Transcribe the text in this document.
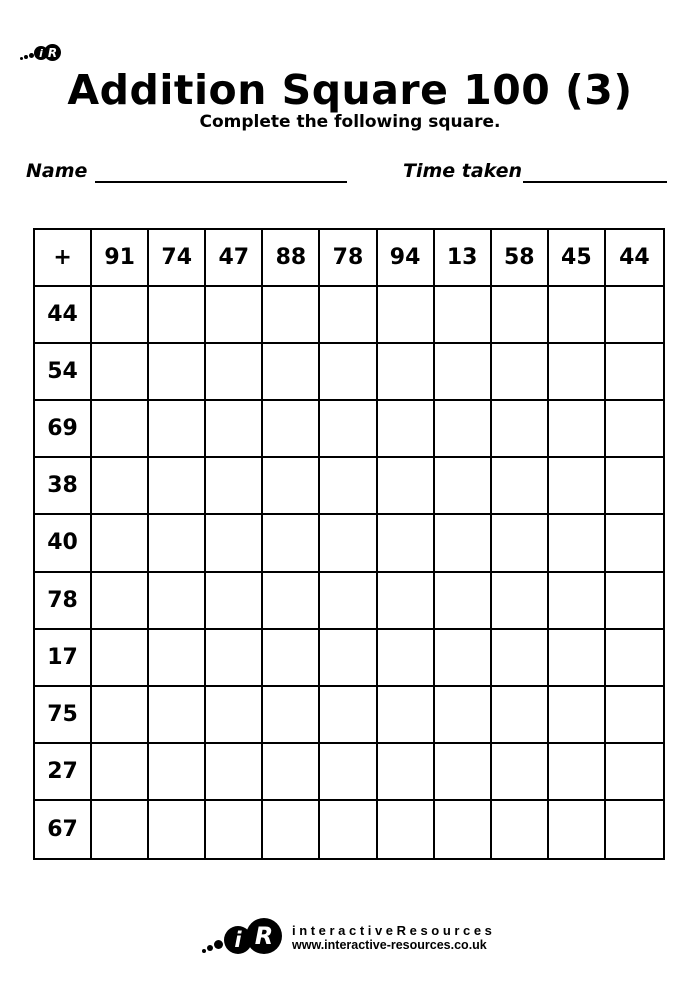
i R
Addition Square 100 (3)
Complete the following square.
Name	Time taken
+	91	74	47	88	78	94	13	58	45	44
44
54
69
38
40
78
17
75
27
67
i R	interactiveResources
www.interactive-resources.co.uk
